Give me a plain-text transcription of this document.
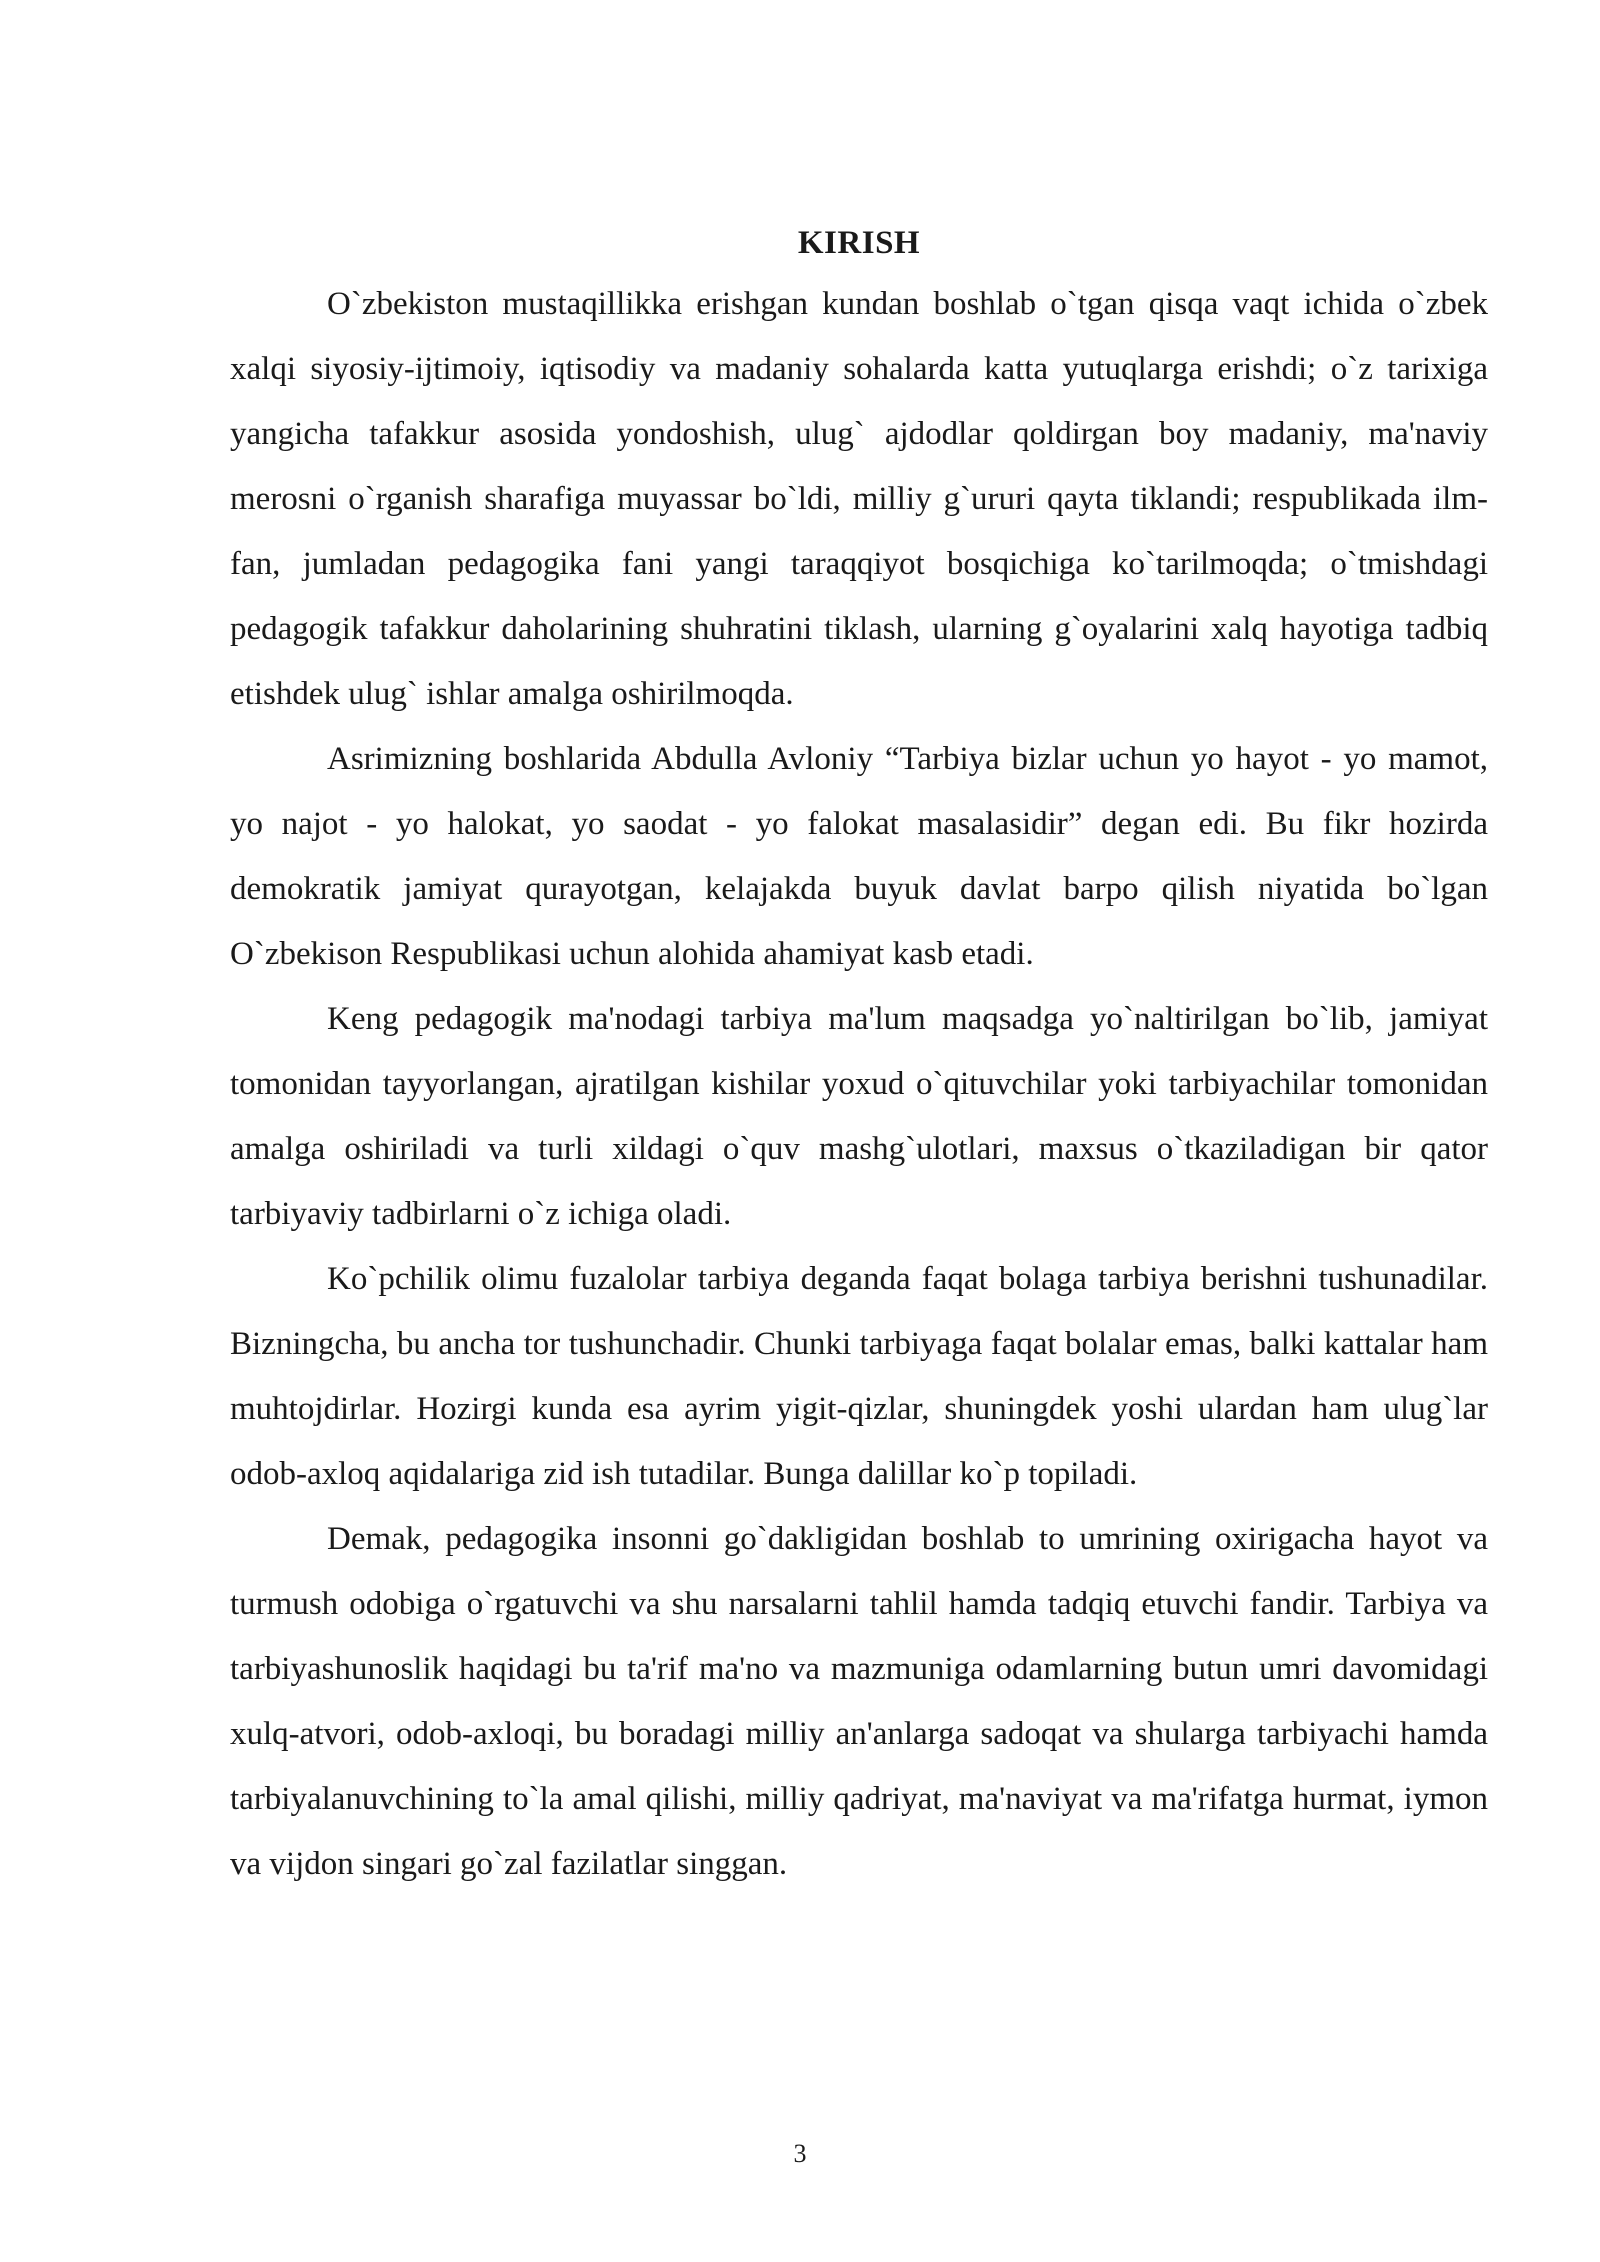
KIRISH

O`zbekiston mustaqillikka erishgan kundan boshlab o`tgan qisqa vaqt ichida o`zbek xalqi siyosiy-ijtimoiy, iqtisodiy va madaniy sohalarda katta yutuqlarga erishdi; o`z tarixiga yangicha tafakkur asosida yondoshish, ulug` ajdodlar qoldirgan boy madaniy, ma'naviy merosni o`rganish sharafiga muyassar bo`ldi, milliy g`ururi qayta tiklandi; respublikada ilm-fan, jumladan pedagogika fani yangi taraqqiyot bosqichiga ko`tarilmoqda; o`tmishdagi pedagogik tafakkur daholarining shuhratini tiklash, ularning g`oyalarini xalq hayotiga tadbiq etishdek ulug` ishlar amalga oshirilmoqda.

Asrimizning boshlarida Abdulla Avloniy “Tarbiya bizlar uchun yo hayot - yo mamot, yo najot - yo halokat, yo saodat - yo falokat masalasidir” degan edi. Bu fikr hozirda demokratik jamiyat qurayotgan, kelajakda buyuk davlat barpo qilish niyatida bo`lgan O`zbekison Respublikasi uchun alohida ahamiyat kasb etadi.

Keng pedagogik ma'nodagi tarbiya ma'lum maqsadga yo`naltirilgan bo`lib, jamiyat tomonidan tayyorlangan, ajratilgan kishilar yoxud o`qituvchilar yoki tarbiyachilar tomonidan amalga oshiriladi va turli xildagi o`quv mashg`ulotlari, maxsus o`tkaziladigan bir qator tarbiyaviy tadbirlarni o`z ichiga oladi.

Ko`pchilik olimu fuzalolar tarbiya deganda faqat bolaga tarbiya berishni tushunadilar. Bizningcha, bu ancha tor tushunchadir. Chunki tarbiyaga faqat bolalar emas, balki kattalar ham muhtojdirlar. Hozirgi kunda esa ayrim yigit-qizlar, shuningdek yoshi ulardan ham ulug`lar odob-axloq aqidalariga zid ish tutadilar. Bunga dalillar ko`p topiladi.

Demak, pedagogika insonni go`dakligidan boshlab to umrining oxirigacha hayot va turmush odobiga o`rgatuvchi va shu narsalarni tahlil hamda tadqiq etuvchi fandir. Tarbiya va tarbiyashunoslik haqidagi bu ta'rif ma'no va mazmuniga odamlarning butun umri davomidagi xulq-atvori, odob-axloqi, bu boradagi milliy an'anlarga sadoqat va shularga tarbiyachi hamda tarbiyalanuvchining to`la amal qilishi, milliy qadriyat, ma'naviyat va ma'rifatga hurmat, iymon va vijdon singari go`zal fazilatlar singgan.

3
